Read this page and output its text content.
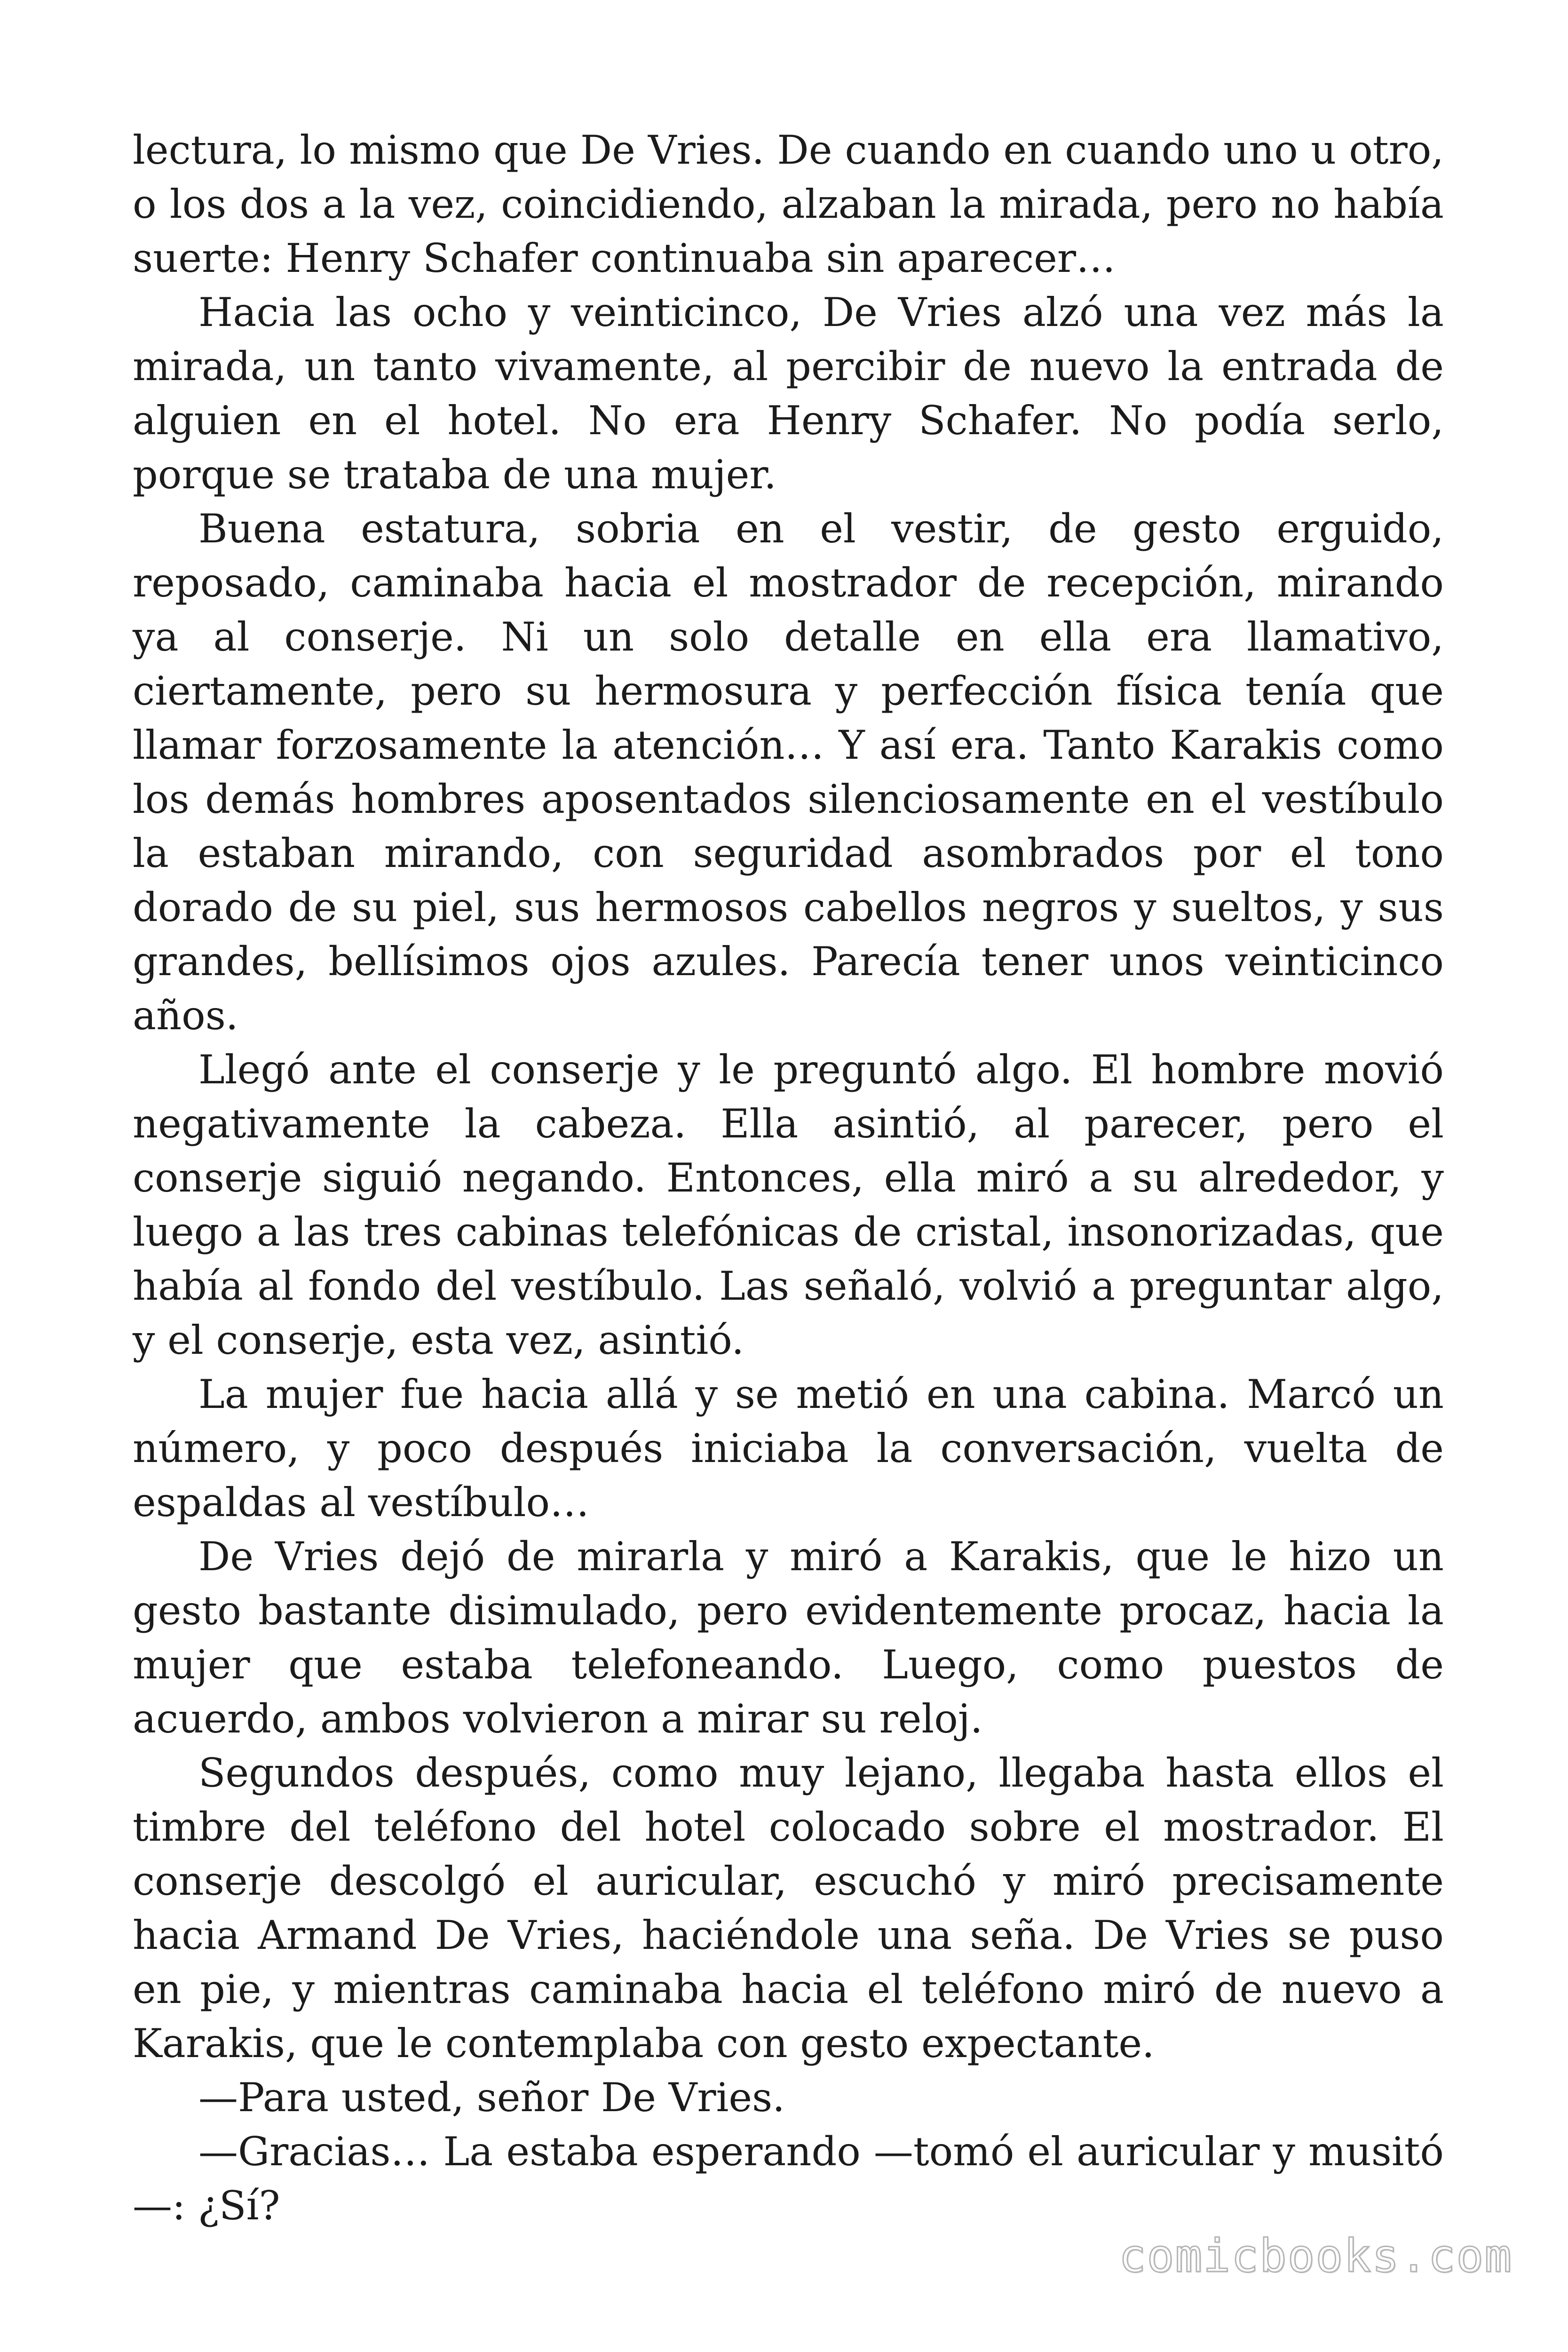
lectura, lo mismo que De Vries. De cuando en cuando uno u otro, o los dos a la vez, coincidiendo, alzaban la mirada, pero no había suerte: Henry Schafer continuaba sin aparecer…

Hacia las ocho y veinticinco, De Vries alzó una vez más la mirada, un tanto vivamente, al percibir de nuevo la entrada de alguien en el hotel. No era Henry Schafer. No podía serlo, porque se trataba de una mujer.

Buena estatura, sobria en el vestir, de gesto erguido, reposado, caminaba hacia el mostrador de recepción, mirando ya al conserje. Ni un solo detalle en ella era llamativo, ciertamente, pero su hermosura y perfección física tenía que llamar forzosamente la atención… Y así era. Tanto Karakis como los demás hombres aposentados silenciosamente en el vestíbulo la estaban mirando, con seguridad asombrados por el tono dorado de su piel, sus hermosos cabellos negros y sueltos, y sus grandes, bellísimos ojos azules. Parecía tener unos veinticinco años.

Llegó ante el conserje y le preguntó algo. El hombre movió negativamente la cabeza. Ella asintió, al parecer, pero el conserje siguió negando. Entonces, ella miró a su alrededor, y luego a las tres cabinas telefónicas de cristal, insonorizadas, que había al fondo del vestíbulo. Las señaló, volvió a preguntar algo, y el conserje, esta vez, asintió.

La mujer fue hacia allá y se metió en una cabina. Marcó un número, y poco después iniciaba la conversación, vuelta de espaldas al vestíbulo…

De Vries dejó de mirarla y miró a Karakis, que le hizo un gesto bastante disimulado, pero evidentemente procaz, hacia la mujer que estaba telefoneando. Luego, como puestos de acuerdo, ambos volvieron a mirar su reloj.

Segundos después, como muy lejano, llegaba hasta ellos el timbre del teléfono del hotel colocado sobre el mostrador. El conserje descolgó el auricular, escuchó y miró precisamente hacia Armand De Vries, haciéndole una seña. De Vries se puso en pie, y mientras caminaba hacia el teléfono miró de nuevo a Karakis, que le contemplaba con gesto expectante.

—Para usted, señor De Vries.

—Gracias… La estaba esperando —tomó el auricular y musitó—: ¿Sí?

comicbooks.com
